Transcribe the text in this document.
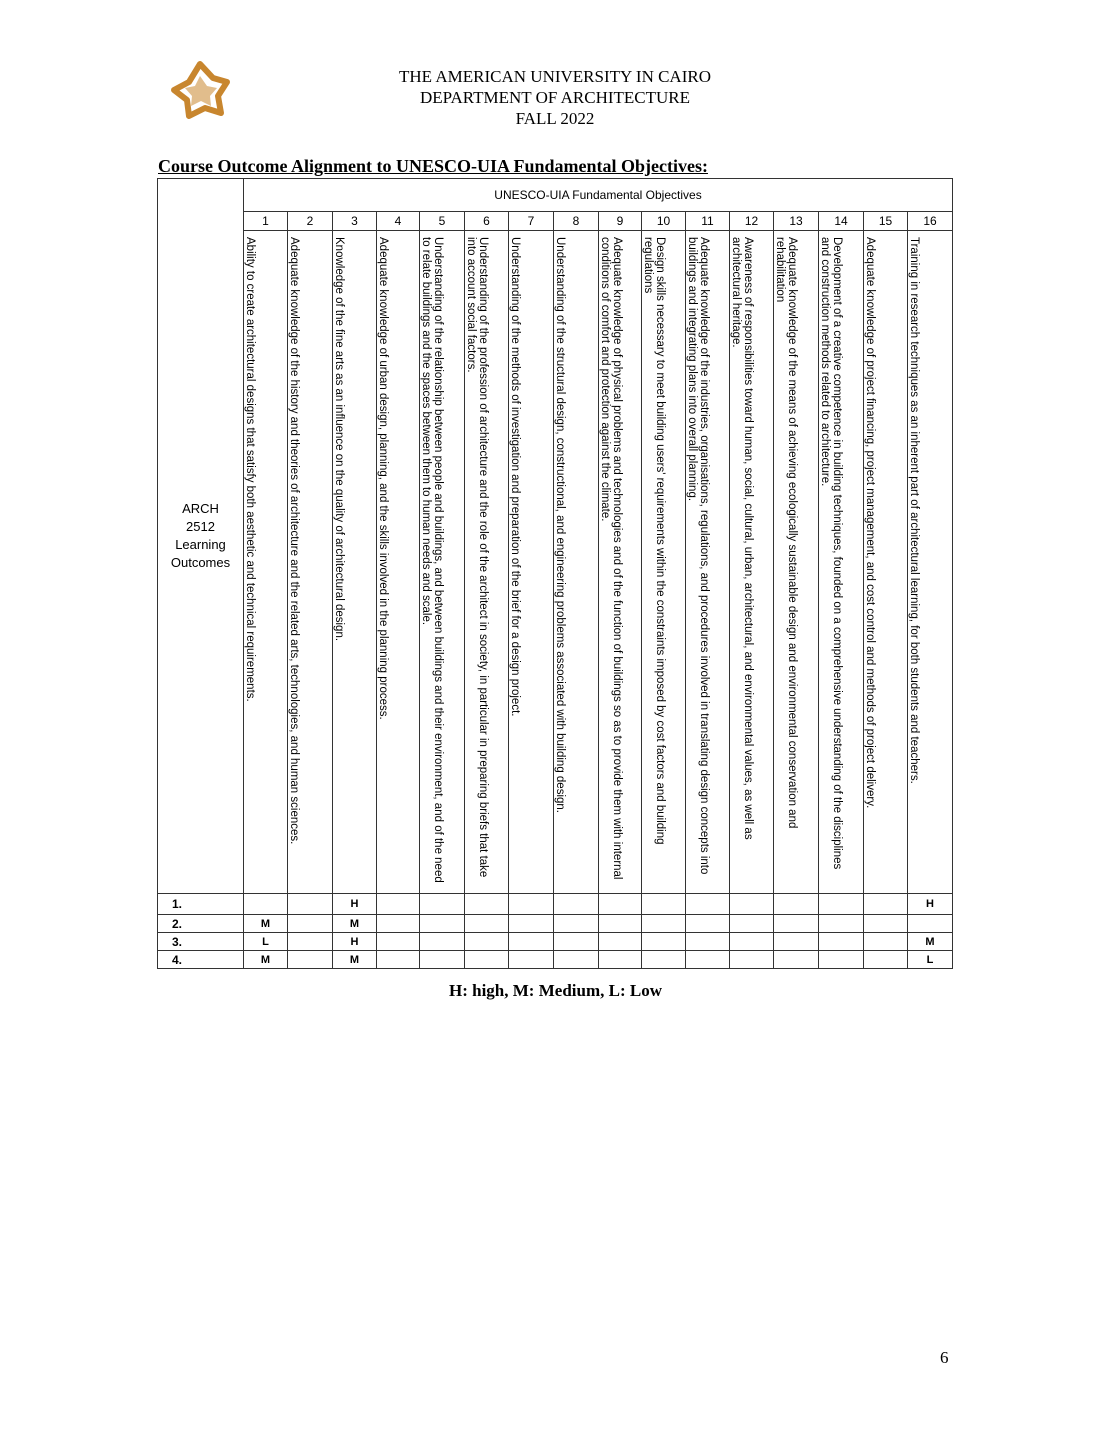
THE AMERICAN UNIVERSITY IN CAIRO
DEPARTMENT OF ARCHITECTURE
FALL 2022
Course Outcome Alignment to UNESCO-UIA Fundamental Objectives:
ARCH
2512
Learning
Outcomes	UNESCO-UIA Fundamental Objectives															
	1	2	3	4	5	6	7	8	9	10	11	12	13	14	15	16

	Ability to create architectural designs that satisfy both aesthetic and technical requirements.	Adequate knowledge of the history and theories of architecture and the related arts, technologies, and human sciences.	Knowledge of the fine arts as an influence on the quality of architectural design.	Adequate knowledge of urban design, planning, and the skills involved in the planning process.	Understanding of the relationship between people and buildings, and between buildings and their environment, and of the need to relate buildings and the spaces between them to human needs and scale.	Understanding of the profession of architecture and the role of the architect in society, in particular in preparing briefs that take into account social factors.	Understanding of the methods of investigation and preparation of the brief for a design project.	Understanding of the structural design, constructional, and engineering problems associated with building design.	Adequate knowledge of physical problems and technologies and of the function of buildings so as to provide them with internal conditions of comfort and protection against the climate.	Design skills necessary to meet building users' requirements within the constraints imposed by cost factors and building regulations	Adequate knowledge of the industries, organisations, regulations, and procedures involved in translating design concepts into buildings and integrating plans into overall planning.	Awareness of responsibilities toward human, social, cultural, urban, architectural, and environmental values, as well as architectural heritage.	Adequate knowledge of the means of achieving ecologically sustainable design and environmental conservation and rehabilitation	Development of a creative competence in building techniques, founded on a comprehensive understanding of the disciplines and construction methods related to architecture.	Adequate knowledge of project financing, project management, and cost control and methods of project delivery.	Training in research techniques as an inherent part of architectural learning, for both students and teachers.

1.			H													H
2.	M		M													
3.	L		H													M
4.	M		M													L
H: high, M: Medium, L: Low
6
